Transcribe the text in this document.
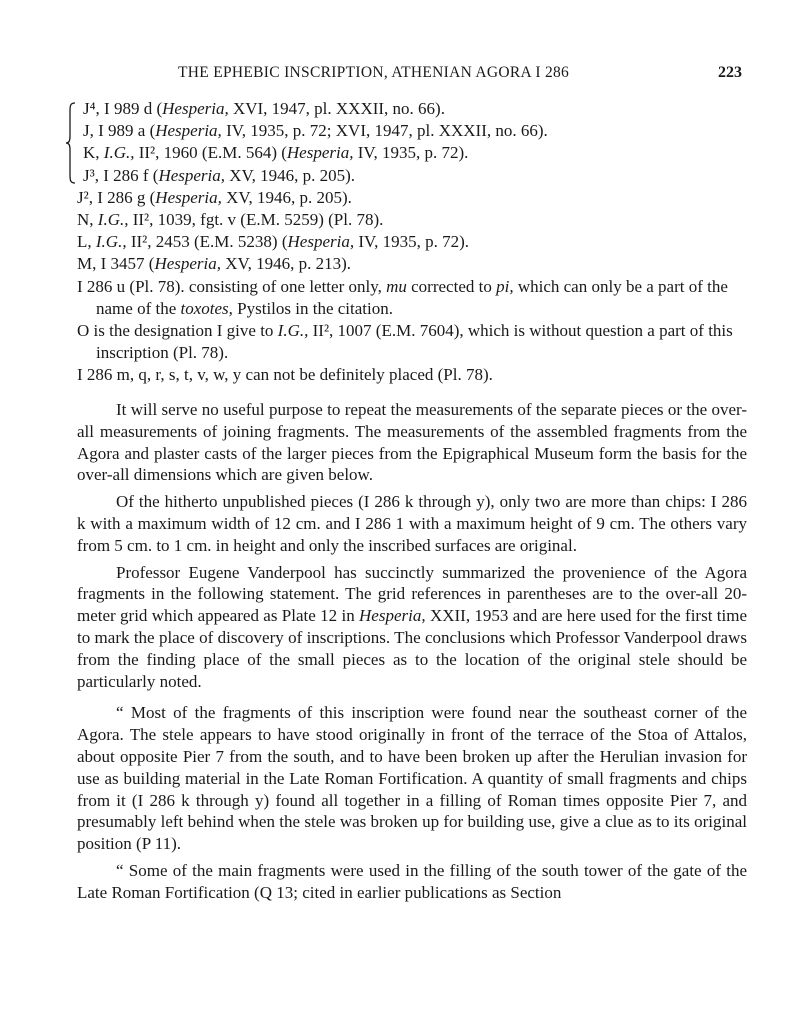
THE EPHEBIC INSCRIPTION, ATHENIAN AGORA I 286	223
J⁴, I 989 d (Hesperia, XVI, 1947, pl. XXXII, no. 66).
J, I 989 a (Hesperia, IV, 1935, p. 72; XVI, 1947, pl. XXXII, no. 66).
K, I.G., II², 1960 (E.M. 564) (Hesperia, IV, 1935, p. 72).
J³, I 286 f (Hesperia, XV, 1946, p. 205).
J², I 286 g (Hesperia, XV, 1946, p. 205).
N, I.G., II², 1039, fgt. v (E.M. 5259) (Pl. 78).
L, I.G., II², 2453 (E.M. 5238) (Hesperia, IV, 1935, p. 72).
M, I 3457 (Hesperia, XV, 1946, p. 213).
I 286 u (Pl. 78). consisting of one letter only, mu corrected to pi, which can only be a part of the name of the toxotes, Pystilos in the citation.
O is the designation I give to I.G., II², 1007 (E.M. 7604), which is without question a part of this inscription (Pl. 78).
I 286 m, q, r, s, t, v, w, y can not be definitely placed (Pl. 78).

It will serve no useful purpose to repeat the measurements of the separate pieces or the over-all measurements of joining fragments. The measurements of the assembled fragments from the Agora and plaster casts of the larger pieces from the Epigraphical Museum form the basis for the over-all dimensions which are given below.

Of the hitherto unpublished pieces (I 286 k through y), only two are more than chips: I 286 k with a maximum width of 12 cm. and I 286 1 with a maximum height of 9 cm. The others vary from 5 cm. to 1 cm. in height and only the inscribed surfaces are original.

Professor Eugene Vanderpool has succinctly summarized the provenience of the Agora fragments in the following statement. The grid references in parentheses are to the over-all 20-meter grid which appeared as Plate 12 in Hesperia, XXII, 1953 and are here used for the first time to mark the place of discovery of inscriptions. The conclusions which Professor Vanderpool draws from the finding place of the small pieces as to the location of the original stele should be particularly noted.

“ Most of the fragments of this inscription were found near the southeast corner of the Agora. The stele appears to have stood originally in front of the terrace of the Stoa of Attalos, about opposite Pier 7 from the south, and to have been broken up after the Herulian invasion for use as building material in the Late Roman Fortification. A quantity of small fragments and chips from it (I 286 k through y) found all together in a filling of Roman times opposite Pier 7, and presumably left behind when the stele was broken up for building use, give a clue as to its original position (P 11).

“ Some of the main fragments were used in the filling of the south tower of the gate of the Late Roman Fortification (Q 13; cited in earlier publications as Section
